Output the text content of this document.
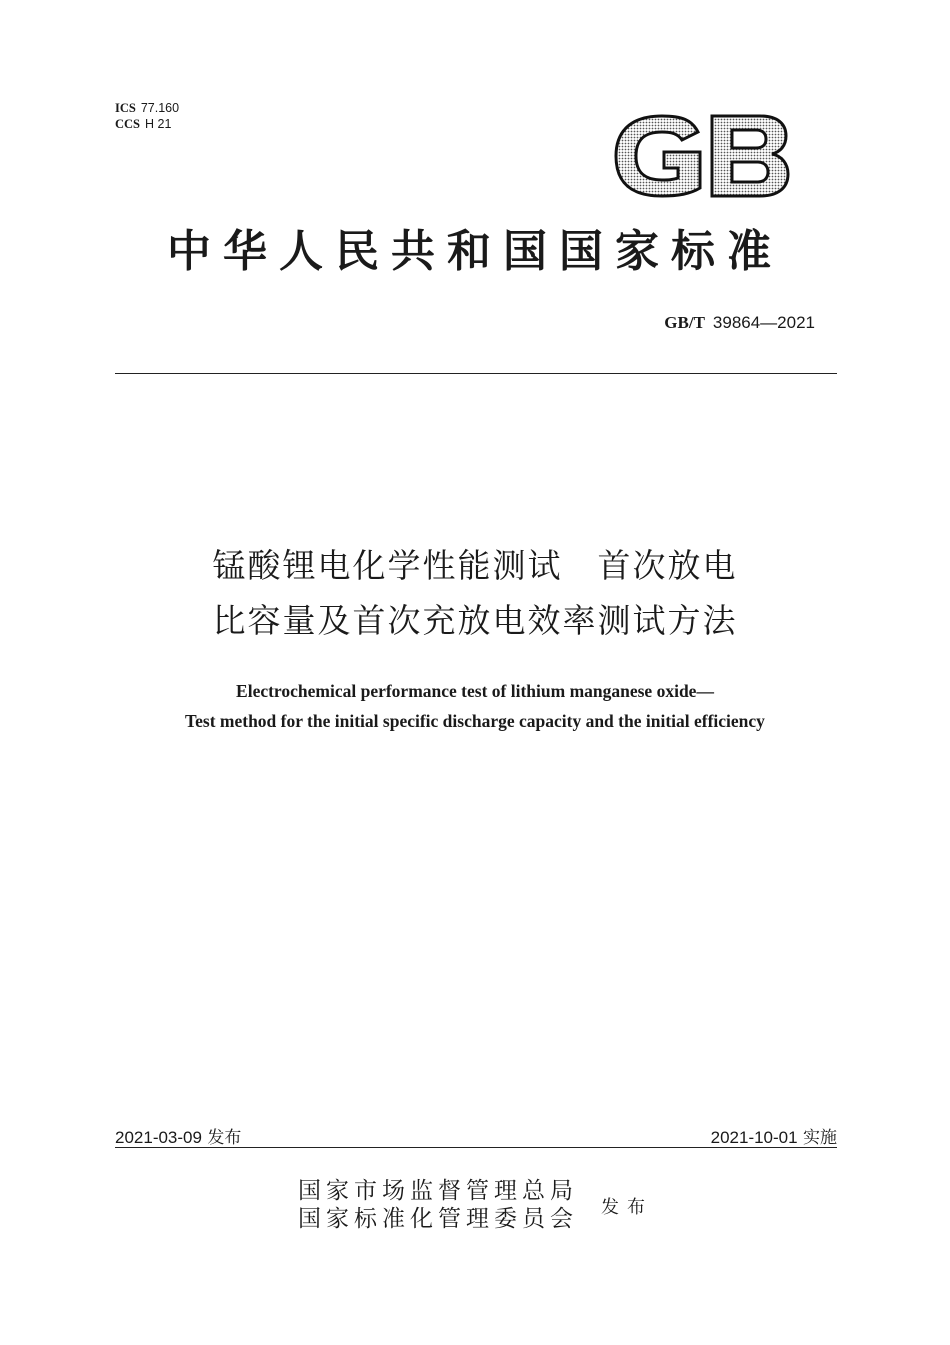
ICS 77.160
CCS H 21
中华人民共和国国家标准
GB/T 39864—2021
锰酸锂电化学性能测试　首次放电
比容量及首次充放电效率测试方法
Electrochemical performance test of lithium manganese oxide—
Test method for the initial specific discharge capacity and the initial efficiency
2021-03-09 发布	2021-10-01 实施
国家市场监督管理总局
国家标准化管理委员会 发布
